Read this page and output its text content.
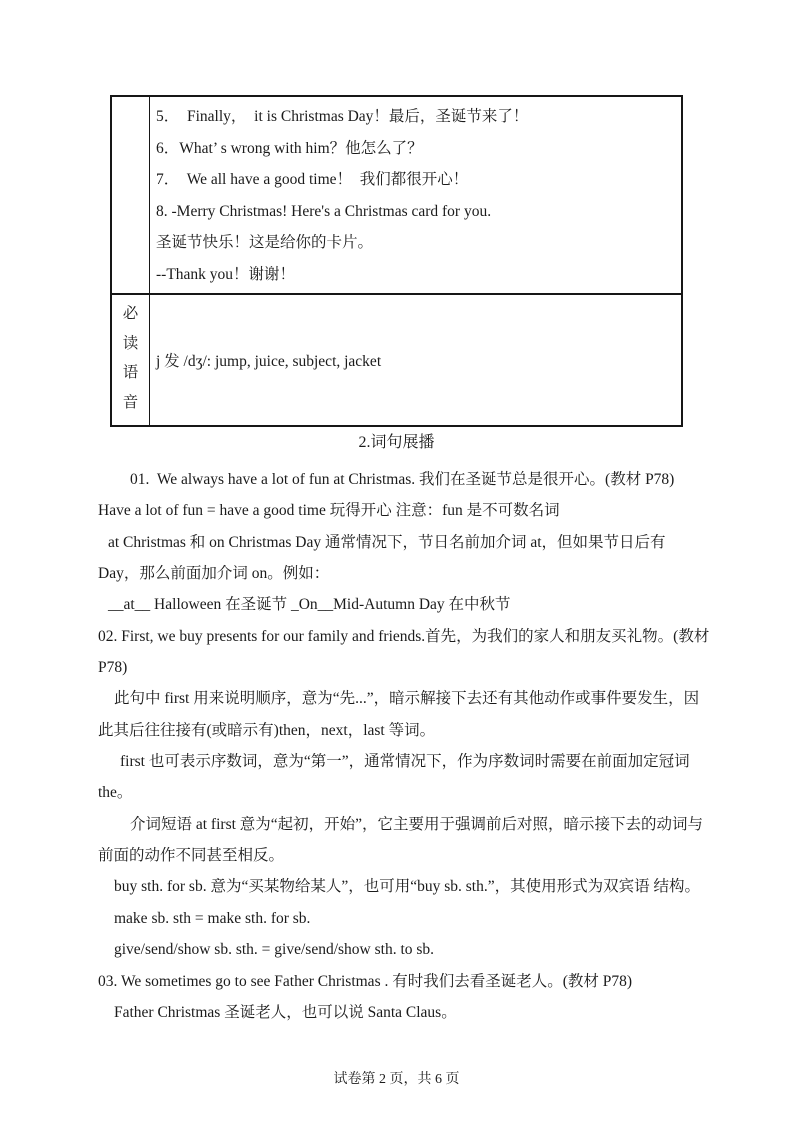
5．  Finally，  it is Christmas Day！最后，圣诞节来了！
6．What’ s wrong with him？他怎么了？
7．  We all have a good time！  我们都很开心！
8. -Merry Christmas! Here's a Christmas card for you.
圣诞节快乐！这是给你的卡片。
--Thank you！谢谢！
必
读
语
音
j 发 /dʒ/: jump, juice, subject, jacket
2.词句展播
01.  We always have a lot of fun at Christmas. 我们在圣诞节总是很开心。(教材 P78)
Have a lot of fun = have a good time 玩得开心 注意：fun 是不可数名词
at Christmas 和 on Christmas Day 通常情况下，节日名前加介词 at，但如果节日后有
Day，那么前面加介词 on。例如：
__at__ Halloween 在圣诞节 _On__Mid-Autumn Day 在中秋节
02. First, we buy presents for our family and friends.首先，为我们的家人和朋友买礼物。(教材
P78)
此句中 first 用来说明顺序，意为“先...”，暗示解接下去还有其他动作或事件要发生，因
此其后往往接有(或暗示有)then，next，last 等词。
first 也可表示序数词，意为“第一”，通常情况下，作为序数词时需要在前面加定冠词
the。
介词短语 at first 意为“起初，开始”，它主要用于强调前后对照，暗示接下去的动词与
前面的动作不同甚至相反。
buy sth. for sb. 意为“买某物给某人”，也可用“buy sb. sth.”，其使用形式为双宾语 结构。
make sb. sth = make sth. for sb.
give/send/show sb. sth. = give/send/show sth. to sb.
03. We sometimes go to see Father Christmas . 有时我们去看圣诞老人。(教材 P78)
Father Christmas 圣诞老人，也可以说 Santa Claus。
试卷第 2 页，共 6 页
